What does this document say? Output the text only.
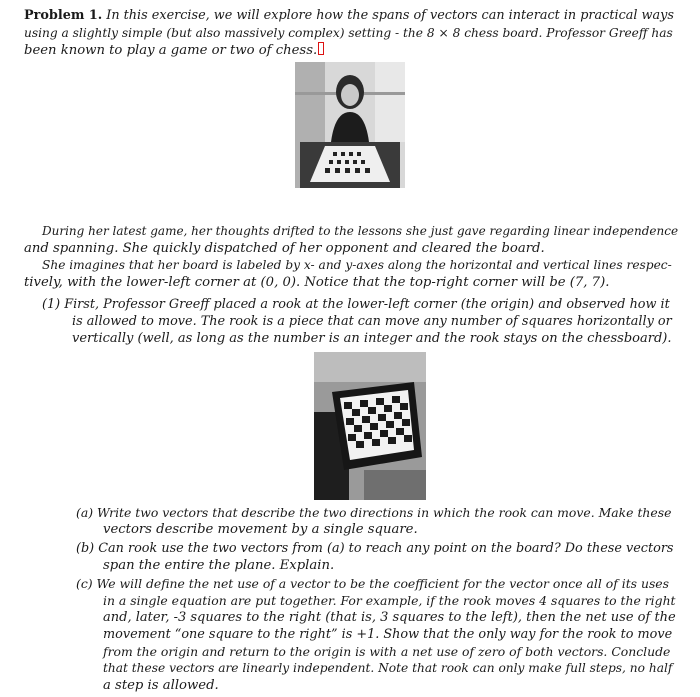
Problem 1. In this exercise, we will explore how the spans of vectors can interact in practical ways
using a slightly simple (but also massively complex) setting - the 8 × 8 chess board. Professor Greeff has
been known to play a game or two of chess.
During her latest game, her thoughts drifted to the lessons she just gave regarding linear independence
and spanning. She quickly dispatched of her opponent and cleared the board.
She imagines that her board is labeled by x- and y-axes along the horizontal and vertical lines respec-
tively, with the lower-left corner at (0, 0). Notice that the top-right corner will be (7, 7).
(1) First, Professor Greeff placed a rook at the lower-left corner (the origin) and observed how it
is allowed to move. The rook is a piece that can move any number of squares horizontally or
vertically (well, as long as the number is an integer and the rook stays on the chessboard).
(a) Write two vectors that describe the two directions in which the rook can move. Make these
vectors describe movement by a single square.
(b) Can rook use the two vectors from (a) to reach any point on the board? Do these vectors
span the entire the plane. Explain.
(c) We will define the net use of a vector to be the coefficient for the vector once all of its uses
in a single equation are put together. For example, if the rook moves 4 squares to the right
and, later, -3 squares to the right (that is, 3 squares to the left), then the net use of the
movement “one square to the right” is +1. Show that the only way for the rook to move
from the origin and return to the origin is with a net use of zero of both vectors. Conclude
that these vectors are linearly independent. Note that rook can only make full steps, no half
a step is allowed.
